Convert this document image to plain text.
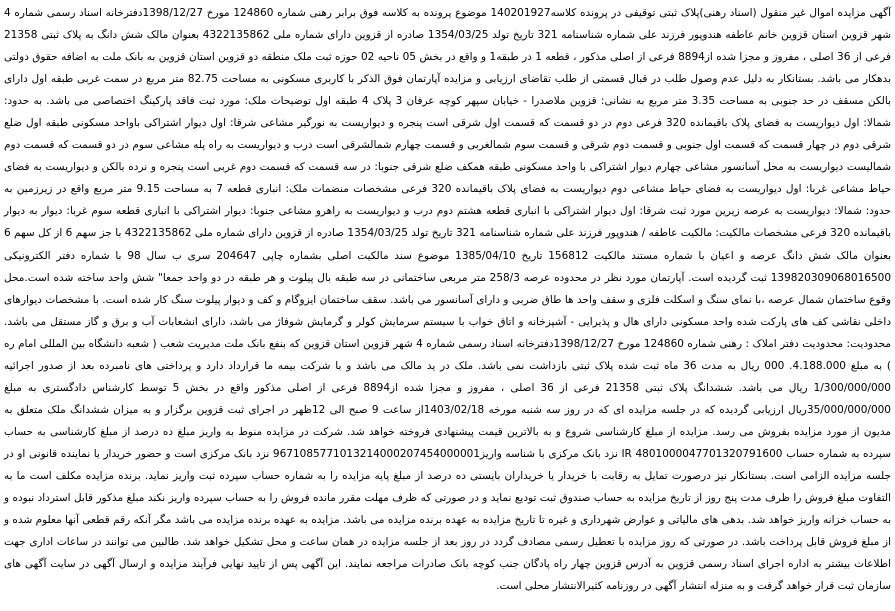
آگهی مزایده اموال غیر منقول (اسناد رهنی)پلاک ثبتی توقیفی در پرونده کلاسه140201927 موضوع پرونده به کلاسه فوق برابر رهنی شماره 124860 مورخ 1398/12/27دفترخانه اسناد رسمی شماره 4 شهر قزوین استان قزوین خانم عاطفه هندوپور فرزند علی شماره شناسنامه 321 تاریخ تولد 1354/03/25 صادره از قزوین دارای شماره ملی 4322135862 بعنوان مالک شش دانگ به پلاک ثبتی 21358 فرعی از 36 اصلی ، مفروز و مجزا شده از8894 فرعی از اصلی مذکور ، قطعه 1 در طبقه1 و واقع در بخش 05 ناحیه 02 حوزه ثبت ملک منطقه دو قزوین استان قزوین به بانک ملت به اضافه حقوق دولتی بدهکار می باشد. بستانکار به دلیل عدم وصول طلب در قبال قسمتی از طلب تقاضای ارزیابی و مزایده آپارتمان فوق الذکر با کاربری مسکونی به مساحت 82.75 متر مربع در سمت غربی طبقه اول دارای بالکن مسقف در حد جنوبی به مساحت 3.35 متر مربع به نشانی: قزوین ملاصدرا - خیابان سپهر کوچه عرفان 3 پلاک 4 طبقه اول توضیحات ملک: مورد ثبت فاقد پارکینگ اختصاصی می باشد. به حدود: شمالا: اول دیواریست به فضای پلاک باقیمانده 320 فرعی دوم در دو قسمت که قسمت اول شرقی است پنجره و دیواریست به نورگیر مشاعی شرقا: اول دیوار اشتراکی باواحد مسکونی طبقه اول ضلع شرقی دوم در چهار قسمت که قسمت اول جنوبی و قسمت دوم شرقی و قسمت سوم شمالغربی و قسمت چهارم شمالشرقی است درب و دیواریست به راه پله مشاعی سوم در دو قسمت که قسمت دوم شمالیست دیواریست به محل آسانسور مشاعی چهارم دیوار اشتراکی با واحد مسکونی طبقه همکف ضلع شرقی جنوبا: در سه قسمت که قسمت دوم غربی است پنجره و نرده بالکن و دیواریست به فضای حیاط مشاعی غربا: اول دیواریست به فضای حیاط مشاعی دوم دیواریست به فضای پلاک باقیمانده 320 فرعی مشخصات منضمات ملک: انباری قطعه 7 به مساحت 9.15 متر مربع واقع در زیرزمین به حدود: شمالا: دیواریست به عرصه زیرین مورد ثبت شرقا: اول دیوار اشتراکی با انباری قطعه هشتم دوم درب و دیواریست به راهرو مشاعی جنوبا: دیوار اشتراکی با انباری قطعه سوم غربا: دیوار به دیوار باقیمانده 320 فرعی مشخصات مالکیت: مالکیت عاطفه / هندوپور فرزند علی شماره شناسنامه 321 تاریخ تولد 1354/03/25 صادره از قزوین دارای شماره ملی 4322135862 با جز سهم 6 از کل سهم 6 بعنوان مالک شش دانگ عرصه و اعیان با شماره مستند مالکیت 156812 تاریخ 1385/04/10 موضوع سند مالکیت اصلی بشماره چاپی 204647 سری ب سال 98 با شماره دفتر الکترونیکی 139820309068016500 ثبت گردیده است. آپارتمان مورد نظر در محدوده عرصه 258/3 متر مربعی ساختمانی در سه طبقه بال پیلوت و هر طبقه در دو واحد جمعا" شش واحد ساخته شده است.محل وقوع ساختمان شمال عرصه ،با نمای سنگ و اسکلت فلزی و سقف واحد ها طاق ضربی و دارای آسانسور می باشد. سقف ساختمان ایزوگام و کف و دیوار پیلوت سنگ کار شده است. با مشخصات دیوارهای داخلی نقاشی کف های پارکت شده واحد مسکونی دارای هال و پذیرایی - آشپزخانه و اتاق خواب با سیستم سرمایش کولر و گرمایش شوفاژ می باشد، دارای انشعابات آب و برق و گاز مستقل می باشد. محدودیت: محدودیت دفتر املاک : رهنی شماره 124860 مورخ 1398/12/27دفترخانه اسناد رسمی شماره 4 شهر قزوین استان قزوین که بنفع بانک ملت مدیریت شعب ( شعبه دانشگاه بین المللی امام ره ) به مبلغ 4.188.000. 000 ریال به مدت 36 ماه ثبت شده پلاک ثبتی بازداشت نمی باشد. ملک در ید مالک می باشد و با شرکت بیمه ما قرارداد دارد و پرداختی های نامبرده بعد از صدور اجرائیه 1/300/000/000 ریال می باشد. ششدانگ پلاک ثبتی 21358 فرعی از 36 اصلی ، مفروز و مجزا شده از8894 فرعی از اصلی مذکور واقع در بخش 5 توسط کارشناس دادگستری به مبلغ 35/000/000/000ریال ارزیابی گردیده که در جلسه مزایده ای که در روز سه شنبه مورخه 1403/02/18از ساعت 9 صبح الی 12ظهر در اجرای ثبت قزوین برگزار و به میزان ششدانگ ملک متعلق به مدیون از مورد مزایده بفروش می رسد. مزایده از مبلغ کارشناسی شروع و به بالاترین قیمت پیشنهادی فروخته خواهد شد. شرکت در مزایده منوط به واریز مبلغ ده درصد از مبلغ کارشناسی به حساب سپرده به شماره حساب 4801000047701320791600 IR نزد بانک مرکزی با شناسه واریز9671085771013214000207454000001 نزد بانک مرکزی است و حضور خریدار یا نماینده قانونی او در جلسه مزایده الزامی است. بستانکار نیز درصورت تمایل به رقابت با خریدار یا خریداران بایستی ده درصد از مبلغ پایه مزایده را به شماره حساب سپرده ثبت واریز نماید. برنده مزایده مکلف است ما به التفاوت مبلغ فروش را ظرف مدت پنج روز از تاریخ مزایده به حساب صندوق ثبت تودیع نماید و در صورتی که ظرف مهلت مقرر مانده فروش را به حساب سپرده واریز نکند مبلغ مذکور قابل استرداد نبوده و به حساب خزانه واریز خواهد شد. بدهی های مالیاتی و عوارض شهرداری و غیره تا تاریخ مزایده به عهده برنده مزایده می باشد. مزایده به عهده برنده مزایده می باشد مگر آنکه رقم قطعی آنها معلوم شده و از مبلغ فروش قابل پرداخت باشد. در صورتی که روز مزایده با تعطیل رسمی مصادف گردد در روز بعد از جلسه مزایده در همان ساعت و محل تشکیل خواهد شد. طالبین می توانند در ساعات اداری جهت اطلاعات بیشتر به اداره اجرای اسناد رسمی قزوین به آدرس قزوین چهار راه پادگان جنب کوچه بانک صادرات مراجعه نمایند. این آگهی پس از تایید نهایی فرآیند مزایده و ارسال آگهی در سایت آگهی های سازمان ثبت قرار خواهد گرفت و به منزله انتشار آگهی در روزنامه کثیرالانتشار محلی است.
